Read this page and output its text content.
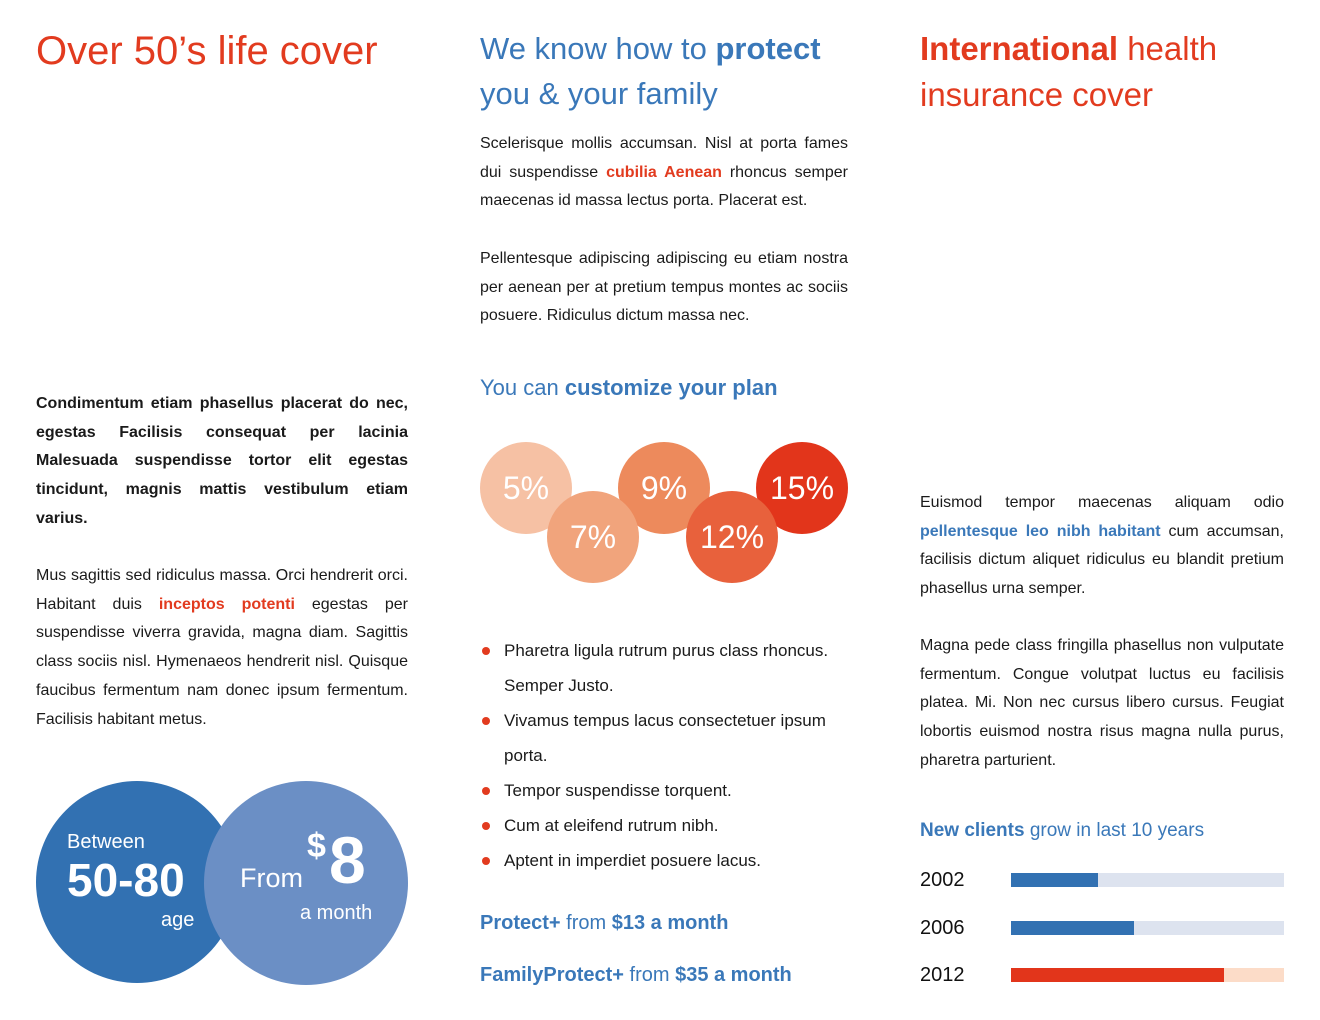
Over 50’s life cover

Condimentum etiam phasellus placerat do nec, egestas Facilisis consequat per lacinia Malesuada suspendisse tortor elit egestas tincidunt, magnis mattis vestibulum etiam varius.

Mus sagittis sed ridiculus massa. Orci hendrerit orci. Habitant duis inceptos potenti egestas per suspendisse viverra gravida, magna diam. Sagittis class sociis nisl. Hymenaeos hendrerit nisl. Quisque faucibus fermentum nam donec ipsum fermentum. Facilisis habitant metus.

Between
50-80
age
From
$ 8
a month
We know how to protect
you & your family

Scelerisque mollis accumsan. Nisl at porta fames dui suspendisse cubilia Aenean rhoncus semper maecenas id massa lectus porta. Placerat est.

Pellentesque adipiscing adipiscing eu etiam nostra per aenean per at pretium tempus montes ac sociis posuere. Ridiculus dictum massa nec.

You can customize your plan
5%	9%	15%
7%	12%
Pharetra ligula rutrum purus class rhoncus. Semper Justo.
Vivamus tempus lacus consectetuer ipsum porta.
Tempor suspendisse torquent.
Cum at eleifend rutrum nibh.
Aptent in imperdiet posuere lacus.

Protect+ from $13 a month

FamilyProtect+ from $35 a month

International health
insurance cover

Euismod tempor maecenas aliquam odio pellentesque leo nibh habitant cum accumsan, facilisis dictum aliquet ridiculus eu blandit pretium phasellus urna semper.

Magna pede class fringilla phasellus non vulputate fermentum. Congue volutpat luctus eu facilisis platea. Mi. Non nec cursus libero cursus. Feugiat lobortis euismod nostra risus magna nulla purus, pharetra parturient.

New clients grow in last 10 years
2002
2006
2012
